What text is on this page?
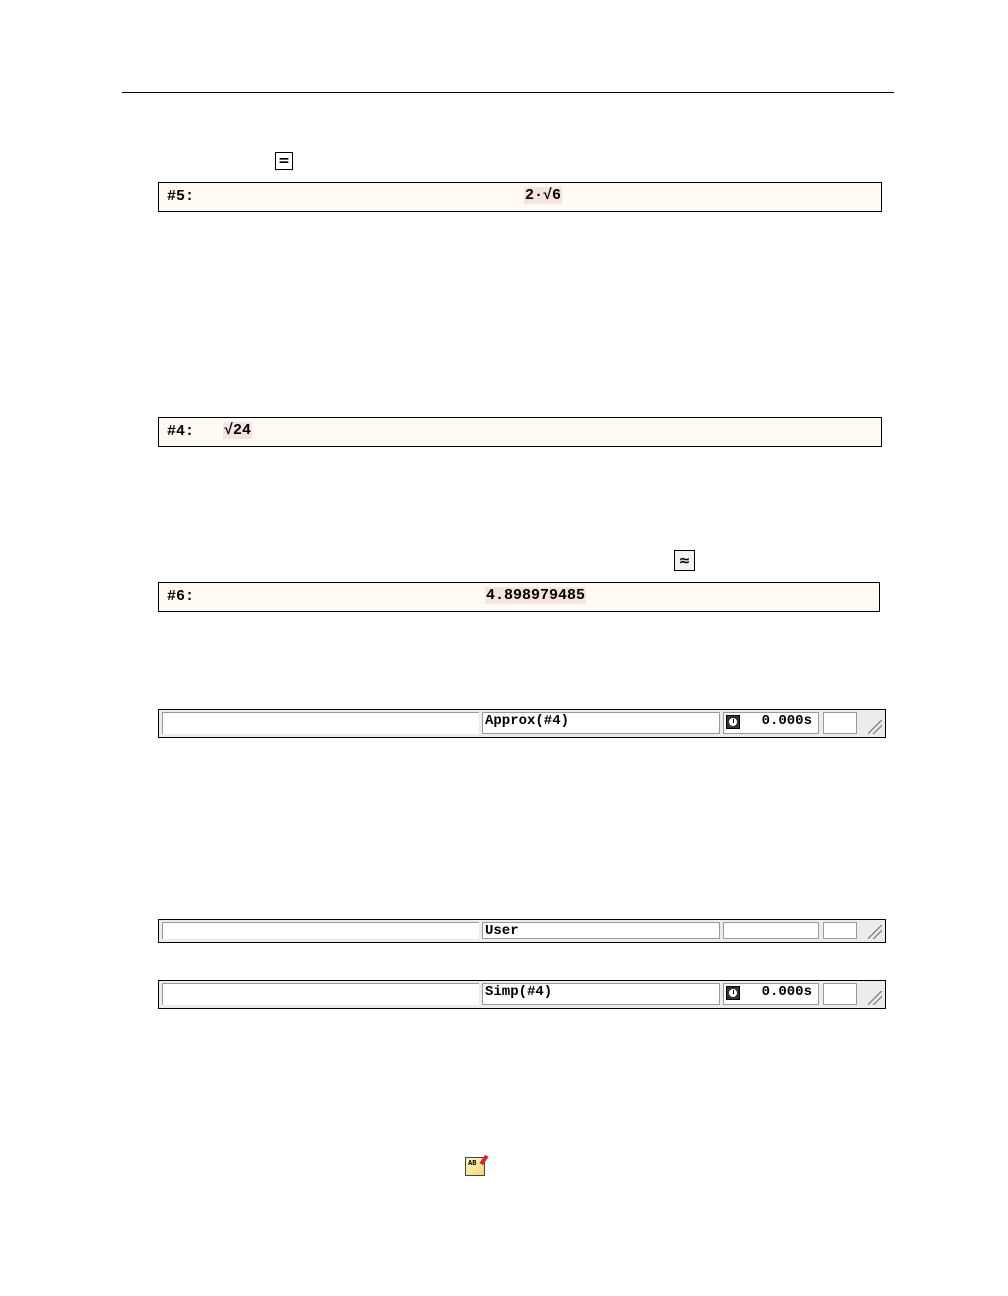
=
#5:	2·√6
#4: √24
≈
#6:	4.898979485
Approx(#4)	0.000s
User
Simp(#4)	0.000s
AB
